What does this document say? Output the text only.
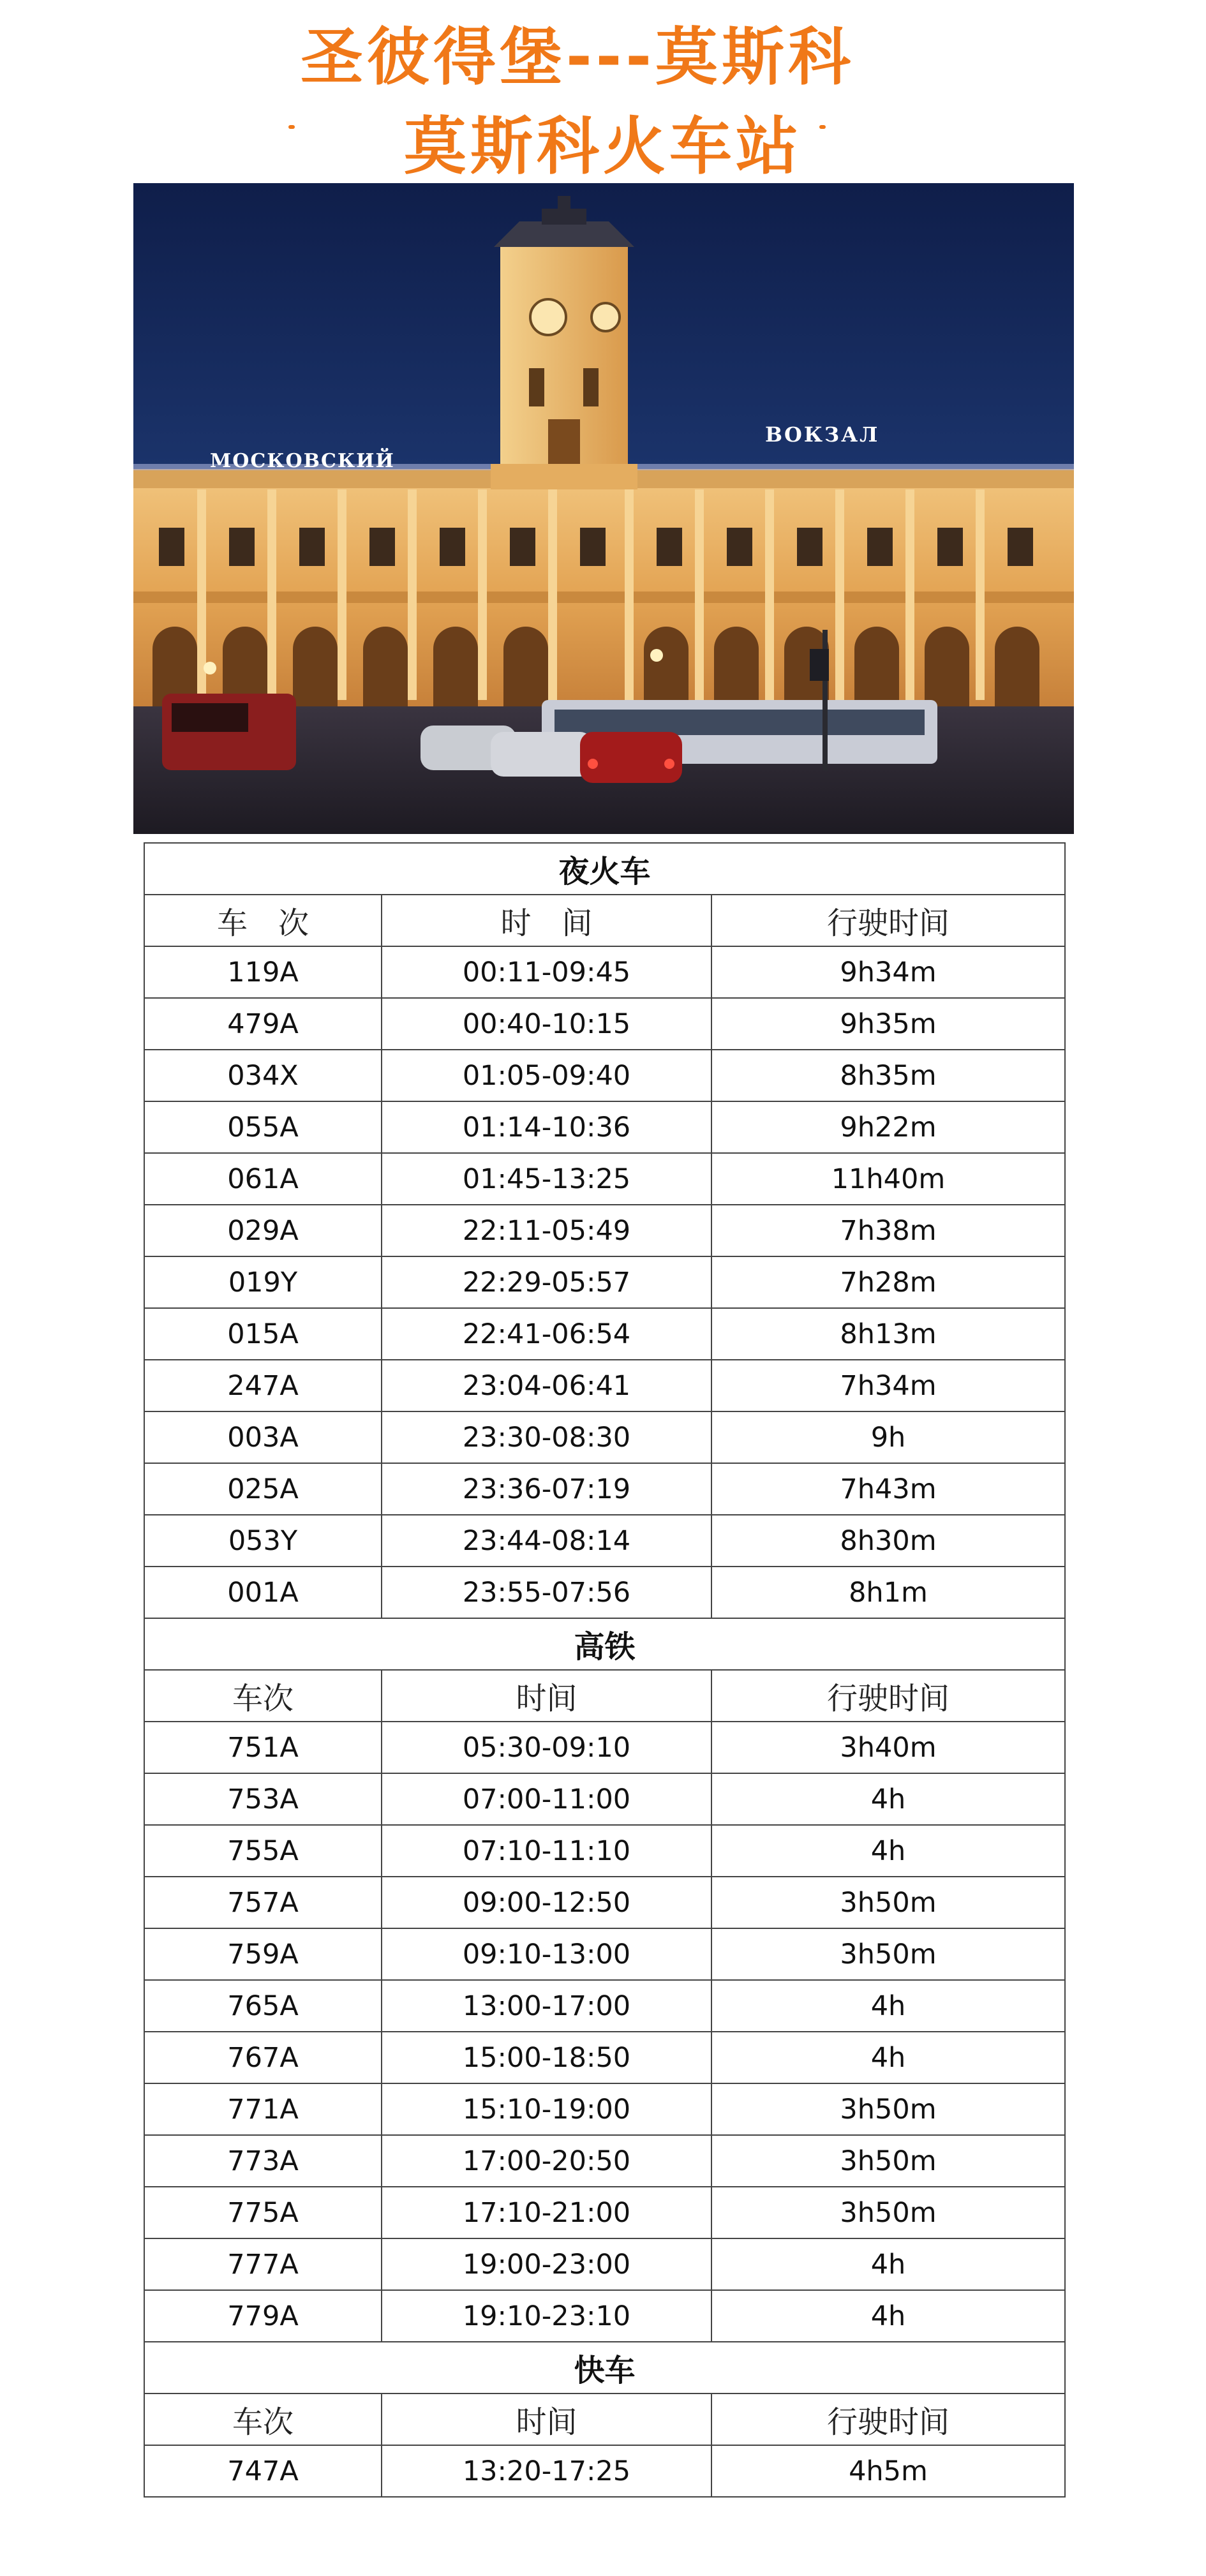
圣彼得堡---莫斯科
莫斯科火车站
МОСКОВСКИЙ
ВОКЗАЛ
夜火车		
车　次	时　间	行驶时间
119A	00:11-09:45	9h34m
479A	00:40-10:15	9h35m
034X	01:05-09:40	8h35m
055A	01:14-10:36	9h22m
061A	01:45-13:25	11h40m
029A	22:11-05:49	7h38m
019Y	22:29-05:57	7h28m
015A	22:41-06:54	8h13m
247A	23:04-06:41	7h34m
003A	23:30-08:30	9h
025A	23:36-07:19	7h43m
053Y	23:44-08:14	8h30m
001A	23:55-07:56	8h1m
高铁		
车次	时间	行驶时间
751A	05:30-09:10	3h40m
753A	07:00-11:00	4h
755A	07:10-11:10	4h
757A	09:00-12:50	3h50m
759A	09:10-13:00	3h50m
765A	13:00-17:00	4h
767A	15:00-18:50	4h
771A	15:10-19:00	3h50m
773A	17:00-20:50	3h50m
775A	17:10-21:00	3h50m
777A	19:00-23:00	4h
779A	19:10-23:10	4h
快车		
车次	时间	行驶时间
747A	13:20-17:25	4h5m
